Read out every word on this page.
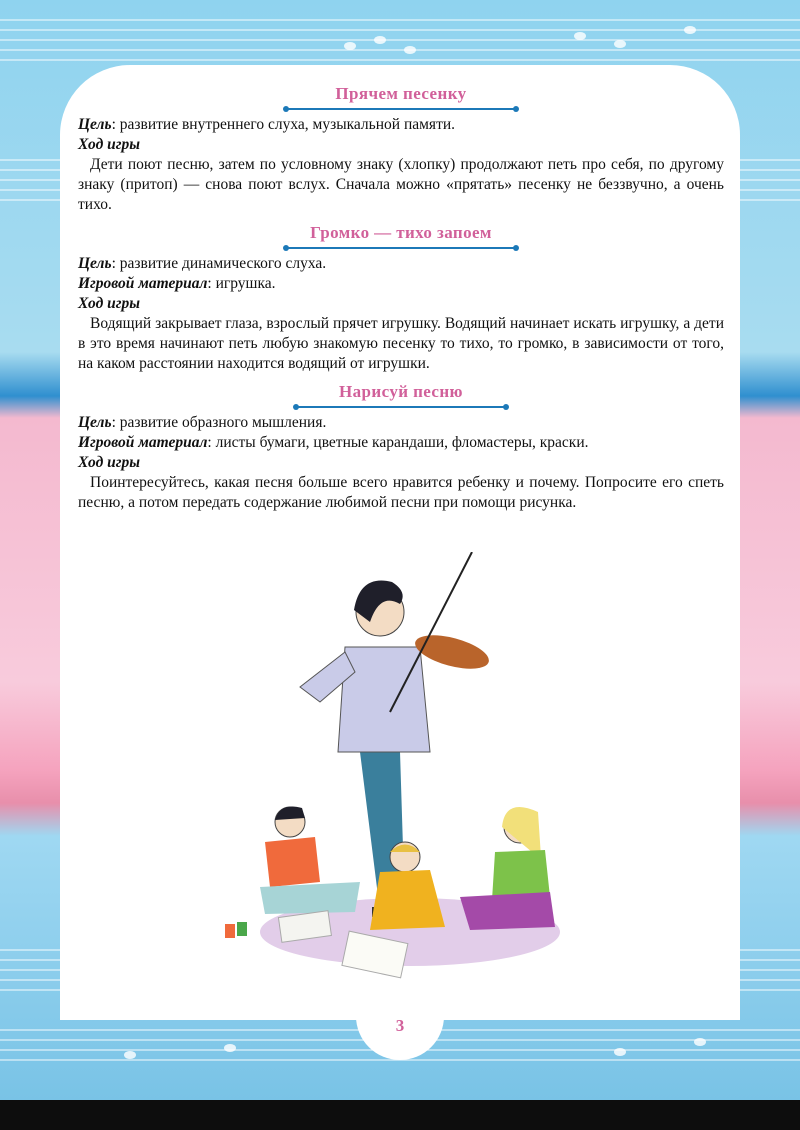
Прячем песенку

Цель: развитие внутреннего слуха, музыкальной памяти.

Ход игры

Дети поют песню, затем по условному знаку (хлопку) продолжают петь про себя, по другому знаку (притоп) — снова поют вслух. Сначала можно «прятать» песенку не беззвучно, а очень тихо.

Громко — тихо запоем

Цель: развитие динамического слуха.

Игровой материал: игрушка.

Ход игры

Водящий закрывает глаза, взрослый прячет игрушку. Водящий начинает искать игрушку, а дети в это время начинают петь любую знакомую песенку то тихо, то громко, в зависимости от того, на каком расстоянии находится водящий от игрушки.

Нарисуй песню

Цель: развитие образного мышления.

Игровой материал: листы бумаги, цветные карандаши, фломастеры, краски.

Ход игры

Поинтересуйтесь, какая песня больше всего нравится ребенку и почему. Попросите его спеть песню, а потом передать содержание любимой песни при помощи рисунка.

3
